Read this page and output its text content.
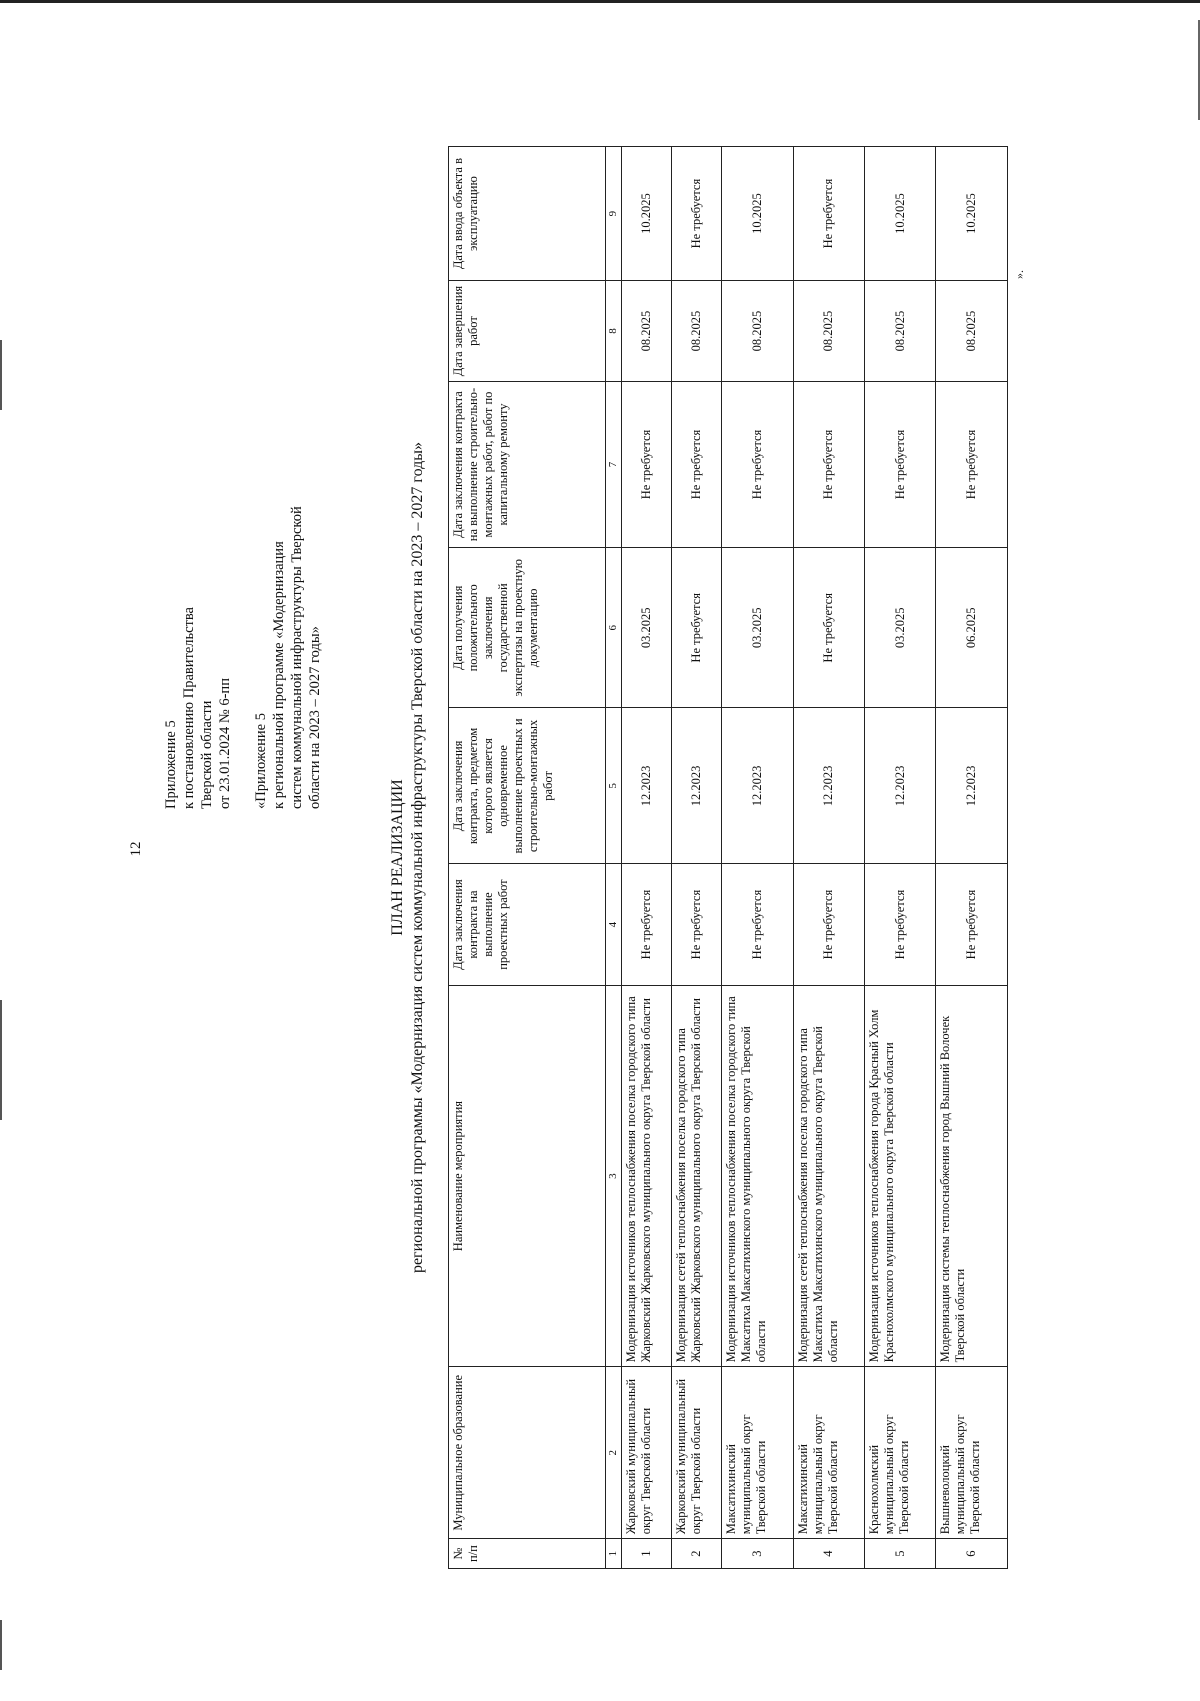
12
Приложение 5 к постановлению Правительства Тверской области от 23.01.2024 № 6-пп «Приложение 5 к региональной программе «Модернизация систем коммунальной инфраструктуры Тверской области на 2023 – 2027 годы»
ПЛАН РЕАЛИЗАЦИИ региональной программы «Модернизация систем коммунальной инфраструктуры Тверской области на 2023 – 2027 годы»
№ п/п	Муниципальное образование	Наименование мероприятия	Дата заключения контракта на выполнение проектных работ	Дата заключения контракта, предметом которого является одновременное выполнение проектных и строительно-монтажных работ	Дата получения положительного заключения государственной экспертизы на проектную документацию	Дата заключения контракта на выполнение строительно-монтажных работ, работ по капитальному ремонту	Дата завершения работ	Дата ввода объекта в эксплуатацию
1	2	3	4	5	6	7	8	9
1	Жарковский муниципальный округ Тверской области	Модернизация источников теплоснабжения поселка городского типа Жарковский Жарковского муниципального округа Тверской области	Не требуется	12.2023	03.2025	Не требуется	08.2025	10.2025
2	Жарковский муниципальный округ Тверской области	Модернизация сетей теплоснабжения поселка городского типа Жарковский Жарковского муниципального округа Тверской области	Не требуется	12.2023	Не требуется	Не требуется	08.2025	Не требуется
3	Максатихинский муниципальный округ Тверской области	Модернизация источников теплоснабжения поселка городского типа Максатиха Максатихинского муниципального округа Тверской области	Не требуется	12.2023	03.2025	Не требуется	08.2025	10.2025
4	Максатихинский муниципальный округ Тверской области	Модернизация сетей теплоснабжения поселка городского типа Максатиха Максатихинского муниципального округа Тверской области	Не требуется	12.2023	Не требуется	Не требуется	08.2025	Не требуется
5	Краснохолмский муниципальный округ Тверской области	Модернизация источников теплоснабжения города Красный Холм Краснохолмского муниципального округа Тверской области	Не требуется	12.2023	03.2025	Не требуется	08.2025	10.2025
6	Вышневолоцкий муниципальный округ Тверской области	Модернизация системы теплоснабжения город Вышний Волочек Тверской области	Не требуется	12.2023	06.2025	Не требуется	08.2025	10.2025
».
